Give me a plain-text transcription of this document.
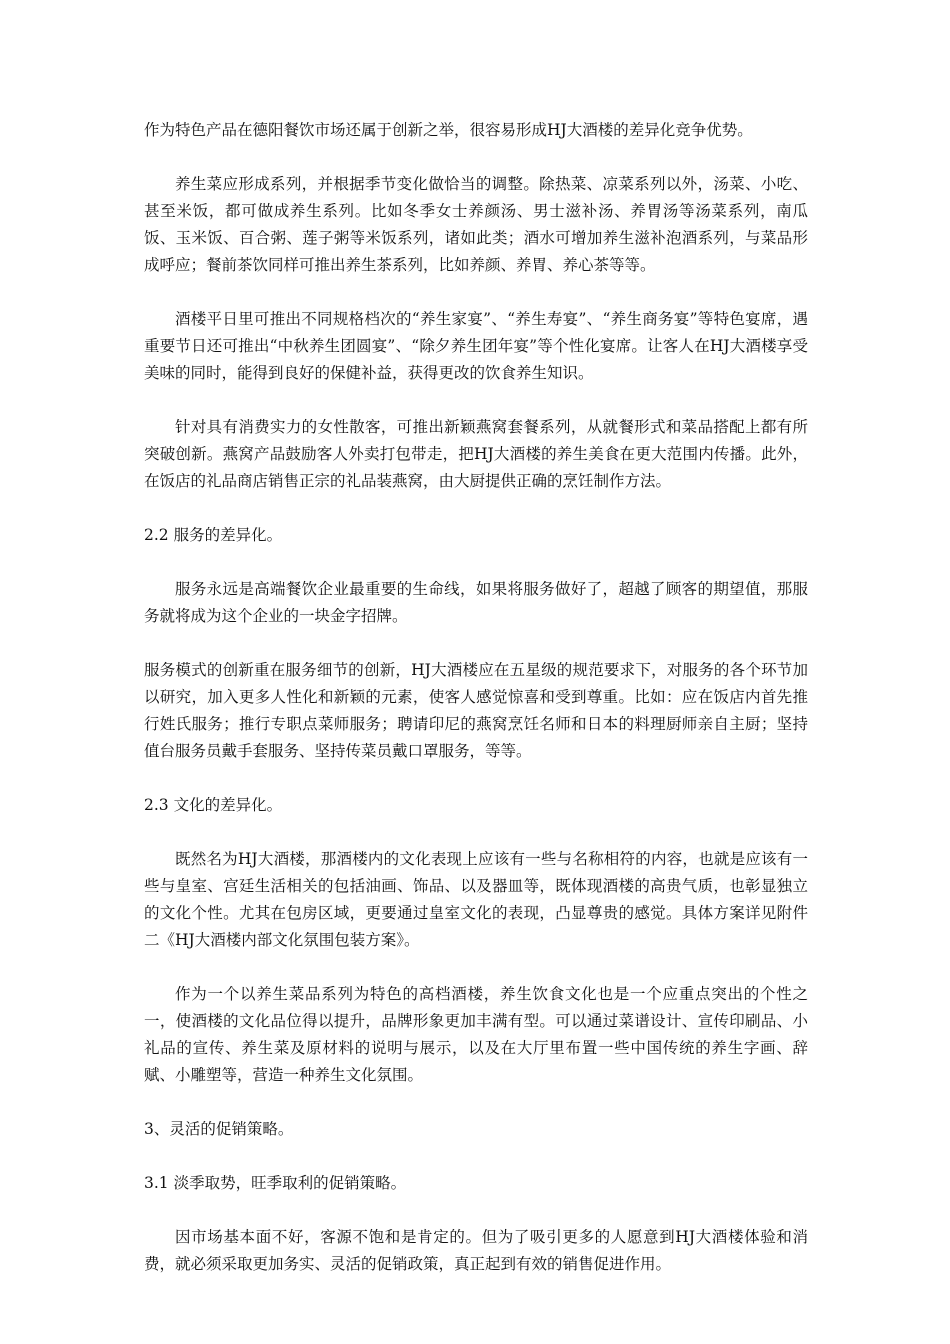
作为特色产品在德阳餐饮市场还属于创新之举，很容易形成HJ大酒楼的差异化竞争优势。

养生菜应形成系列，并根据季节变化做恰当的调整。除热菜、凉菜系列以外，汤菜、小吃、甚至米饭，都可做成养生系列。比如冬季女士养颜汤、男士滋补汤、养胃汤等汤菜系列，南瓜饭、玉米饭、百合粥、莲子粥等米饭系列，诸如此类；酒水可增加养生滋补泡酒系列，与菜品形成呼应；餐前茶饮同样可推出养生茶系列，比如养颜、养胃、养心茶等等。

酒楼平日里可推出不同规格档次的“养生家宴”、“养生寿宴”、“养生商务宴”等特色宴席，遇重要节日还可推出“中秋养生团圆宴”、“除夕养生团年宴”等个性化宴席。让客人在HJ大酒楼享受美味的同时，能得到良好的保健补益，获得更改的饮食养生知识。

针对具有消费实力的女性散客，可推出新颖燕窝套餐系列，从就餐形式和菜品搭配上都有所突破创新。燕窝产品鼓励客人外卖打包带走，把HJ大酒楼的养生美食在更大范围内传播。此外，在饭店的礼品商店销售正宗的礼品装燕窝，由大厨提供正确的烹饪制作方法。

2.2 服务的差异化。

服务永远是高端餐饮企业最重要的生命线，如果将服务做好了，超越了顾客的期望值，那服务就将成为这个企业的一块金字招牌。

服务模式的创新重在服务细节的创新，HJ大酒楼应在五星级的规范要求下，对服务的各个环节加以研究，加入更多人性化和新颖的元素，使客人感觉惊喜和受到尊重。比如：应在饭店内首先推行姓氏服务；推行专职点菜师服务；聘请印尼的燕窝烹饪名师和日本的料理厨师亲自主厨；坚持值台服务员戴手套服务、坚持传菜员戴口罩服务，等等。

2.3 文化的差异化。

既然名为HJ大酒楼，那酒楼内的文化表现上应该有一些与名称相符的内容，也就是应该有一些与皇室、宫廷生活相关的包括油画、饰品、以及器皿等，既体现酒楼的高贵气质，也彰显独立的文化个性。尤其在包房区域，更要通过皇室文化的表现，凸显尊贵的感觉。具体方案详见附件二《HJ大酒楼内部文化氛围包装方案》。

作为一个以养生菜品系列为特色的高档酒楼，养生饮食文化也是一个应重点突出的个性之一，使酒楼的文化品位得以提升，品牌形象更加丰满有型。可以通过菜谱设计、宣传印刷品、小礼品的宣传、养生菜及原材料的说明与展示，以及在大厅里布置一些中国传统的养生字画、辞赋、小雕塑等，营造一种养生文化氛围。

3、灵活的促销策略。

3.1 淡季取势，旺季取利的促销策略。

因市场基本面不好，客源不饱和是肯定的。但为了吸引更多的人愿意到HJ大酒楼体验和消费，就必须采取更加务实、灵活的促销政策，真正起到有效的销售促进作用。
